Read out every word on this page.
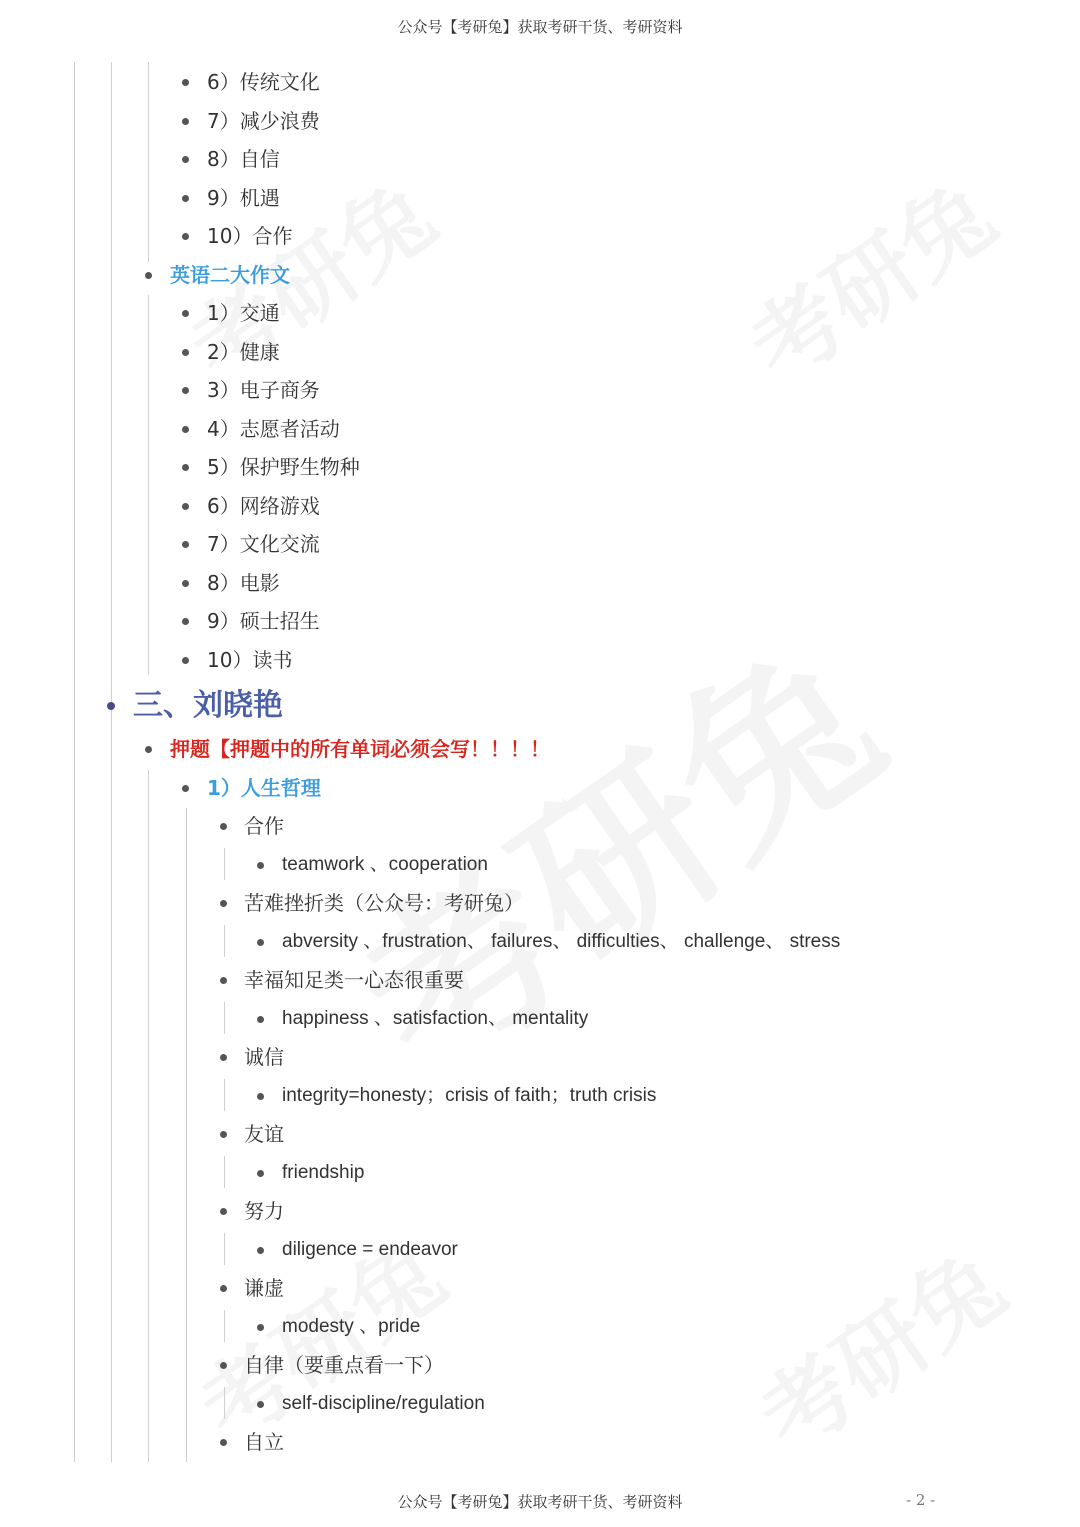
公众号【考研兔】获取考研干货、考研资料
6）传统文化
7）减少浪费
8）自信
9）机遇
10）合作
英语二大作文
1）交通
2）健康
3）电子商务
4）志愿者活动
5）保护野生物种
6）网络游戏
7）文化交流
8）电影
9）硕士招生
10）读书
三、刘晓艳
押题【押题中的所有单词必须会写！！！！
1）人生哲理
合作
teamwork 、cooperation
苦难挫折类（公众号：考研兔）
abversity 、frustration、 failures、 difficulties、 challenge、 stress
幸福知足类一心态很重要
happiness 、satisfaction、 mentality
诚信
integrity=honesty；crisis of faith；truth crisis
友谊
friendship
努力
diligence = endeavor
谦虚
modesty 、pride
自律（要重点看一下）
self-discipline/regulation
自立
公众号【考研兔】获取考研干货、考研资料	- 2 -
